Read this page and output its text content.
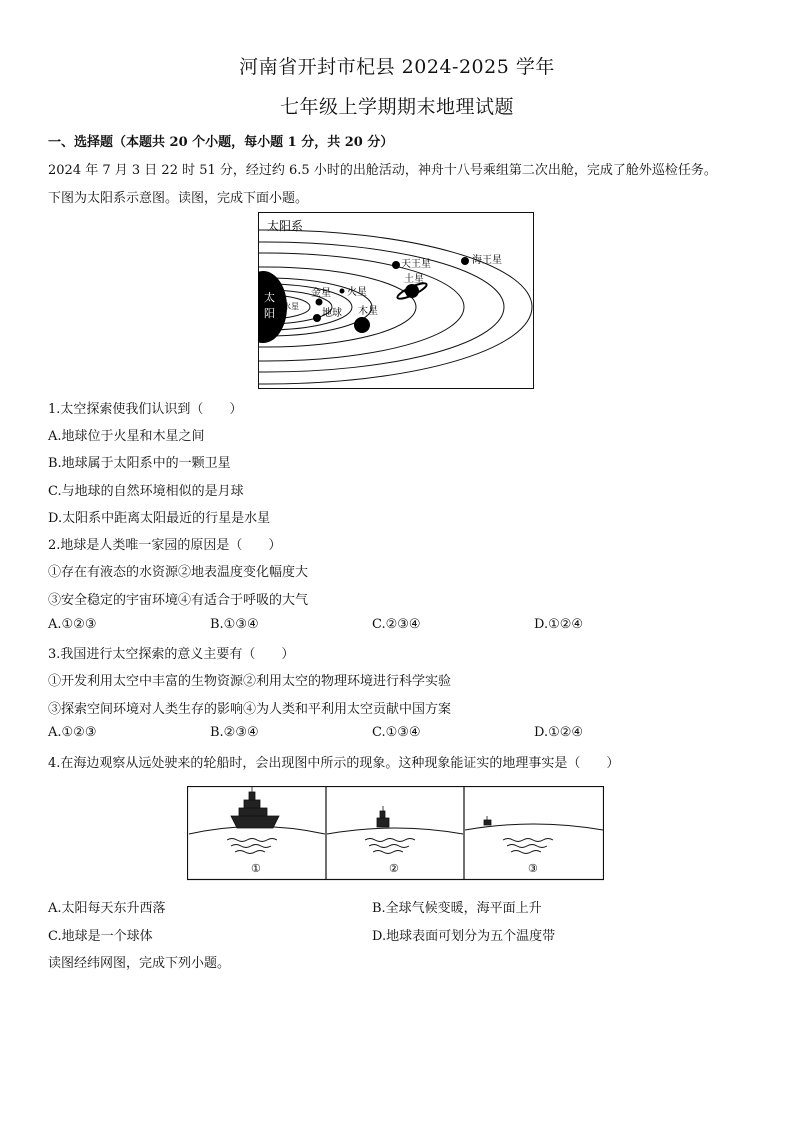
河南省开封市杞县 2024-2025 学年
七年级上学期期末地理试题
一、选择题（本题共 20 个小题，每小题 1 分，共 20 分）
2024 年 7 月 3 日 22 时 51 分，经过约 6.5 小时的出舱活动，神舟十八号乘组第二次出舱，完成了舱外巡检任务。
下图为太阳系示意图。读图，完成下面小题。
太阳系
太
阳
水星
金星
地球
火星
木星
土星
天王星	海王星
1.太空探索使我们认识到（　　）
A.地球位于火星和木星之间
B.地球属于太阳系中的一颗卫星
C.与地球的自然环境相似的是月球
D.太阳系中距离太阳最近的行星是水星
2.地球是人类唯一家园的原因是（　　）
①存在有液态的水资源②地表温度变化幅度大
③安全稳定的宇宙环境④有适合于呼吸的大气
A.①②③	B.①③④	C.②③④	D.①②④
3.我国进行太空探索的意义主要有（　　）
①开发利用太空中丰富的生物资源②利用太空的物理环境进行科学实验
③探索空间环境对人类生存的影响④为人类和平利用太空贡献中国方案
A.①②③	B.②③④	C.①③④	D.①②④
4.在海边观察从远处驶来的轮船时，会出现图中所示的现象。这种现象能证实的地理事实是（　　）
①	②	③
A.太阳每天东升西落	B.全球气候变暖，海平面上升
C.地球是一个球体	D.地球表面可划分为五个温度带
读图经纬网图，完成下列小题。
